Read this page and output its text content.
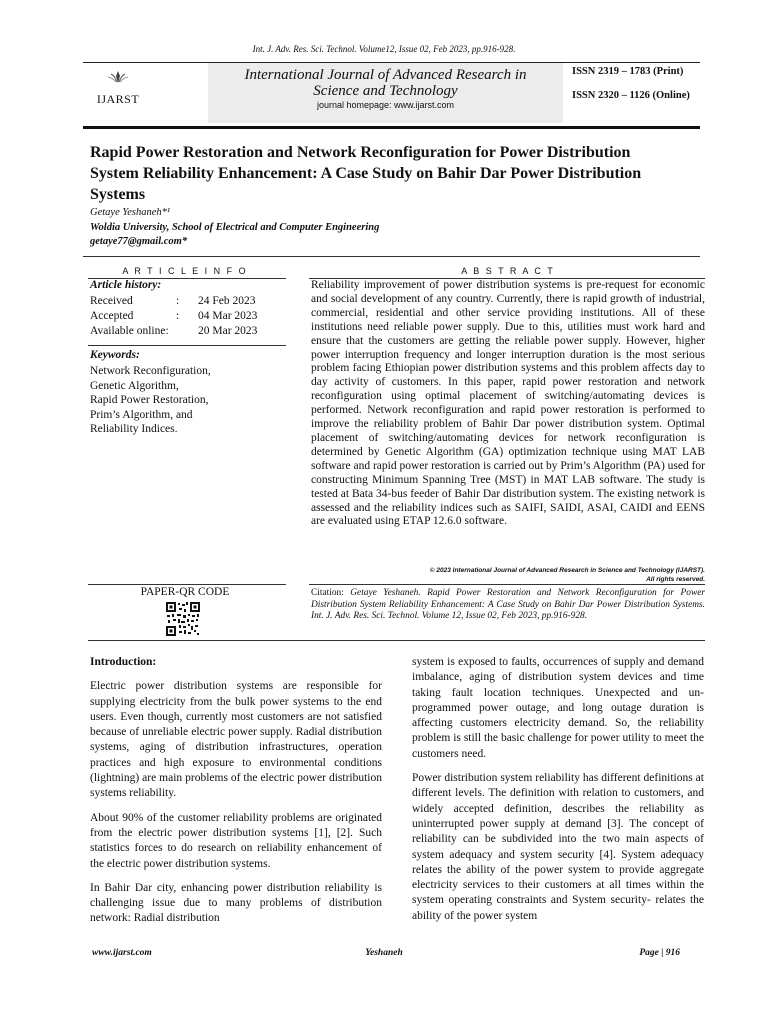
Int. J. Adv. Res. Sci. Technol. Volume12, Issue 02, Feb 2023, pp.916-928.
IJARST
International Journal of Advanced Research in
Science and Technology
journal homepage: www.ijarst.com
ISSN 2319 – 1783 (Print)
ISSN 2320 – 1126 (Online)
Rapid Power Restoration and Network Reconfiguration for Power Distribution
System Reliability Enhancement: A Case Study on Bahir Dar Power Distribution
Systems
Getaye Yeshaneh*¹
Woldia University, School of Electrical and Computer Engineering
getaye77@gmail.com*
A R T I C L E I N F O	A B S T R A C T
Article history:
Received	:	24 Feb 2023
Accepted	:	04 Mar 2023
Available online:		20 Mar 2023
Keywords:
Network Reconfiguration,
Genetic Algorithm,
Rapid Power Restoration,
Prim’s Algorithm, and
Reliability Indices.
Reliability improvement of power distribution systems is pre-request for economic and social development of any country. Currently, there is rapid growth of industrial, commercial, residential and other service providing institutions. All of these institutions need reliable power supply. Due to this, utilities must work hard and ensure that the customers are getting the reliable power supply. However, higher power interruption frequency and longer interruption duration is the most serious problem facing Ethiopian power distribution systems and this problem affects day to day activity of customers. In this paper, rapid power restoration and network reconfiguration using optimal placement of switching/automating devices is performed. Network reconfiguration and rapid power restoration is performed to improve the reliability problem of Bahir Dar power distribution system. Optimal placement of switching/automating devices for network reconfiguration is determined by Genetic Algorithm (GA) optimization technique using MAT LAB software and rapid power restoration is carried out by Prim’s Algorithm (PA) used for constructing Minimum Spanning Tree (MST) in MAT LAB software. The study is tested at Bata 34-bus feeder of Bahir Dar distribution system. The existing network is assessed and the reliability indices such as SAIFI, SAIDI, ASAI, CAIDI and EENS are evaluated using ETAP 12.6.0 software.
© 2023 International Journal of Advanced Research in Science and Technology (IJARST).
All rights reserved.
PAPER-QR CODE	Citation: Getaye Yeshaneh. Rapid Power Restoration and Network Reconfiguration for Power Distribution System Reliability Enhancement: A Case Study on Bahir Dar Power Distribution Systems. Int. J. Adv. Res. Sci. Technol. Volume 12, Issue 02, Feb 2023, pp.916-928.

Introduction:

Electric power distribution systems are responsible for supplying electricity from the bulk power systems to the end users. Even though, currently most customers are not satisfied because of unreliable electric power supply. Radial distribution systems, aging of distribution infrastructures, operation practices and high exposure to environmental conditions (lightning) are main problems of the electric power distribution systems reliability.

About 90% of the customer reliability problems are originated from the electric power distribution systems [1], [2]. Such statistics forces to do research on reliability enhancement of the electric power distribution systems.

In Bahir Dar city, enhancing power distribution reliability is challenging issue due to many problems of distribution network: Radial distribution

system is exposed to faults, occurrences of supply and demand imbalance, aging of distribution system devices and time taking fault location techniques. Unexpected and un-programmed power outage, and long outage duration is affecting customers electricity demand. So, the reliability problem is still the basic challenge for power utility to meet the customers need.

Power distribution system reliability has different definitions at different levels. The definition with relation to customers, and widely accepted definition, describes the reliability as uninterrupted power supply at demand [3]. The concept of reliability can be subdivided into the two main aspects of system adequacy and system security [4]. System adequacy relates the ability of the power system to provide aggregate electricity services to their customers at all times within the system operating constraints and System security- relates the ability of the power system

www.ijarst.com	Yeshaneh	Page | 916
